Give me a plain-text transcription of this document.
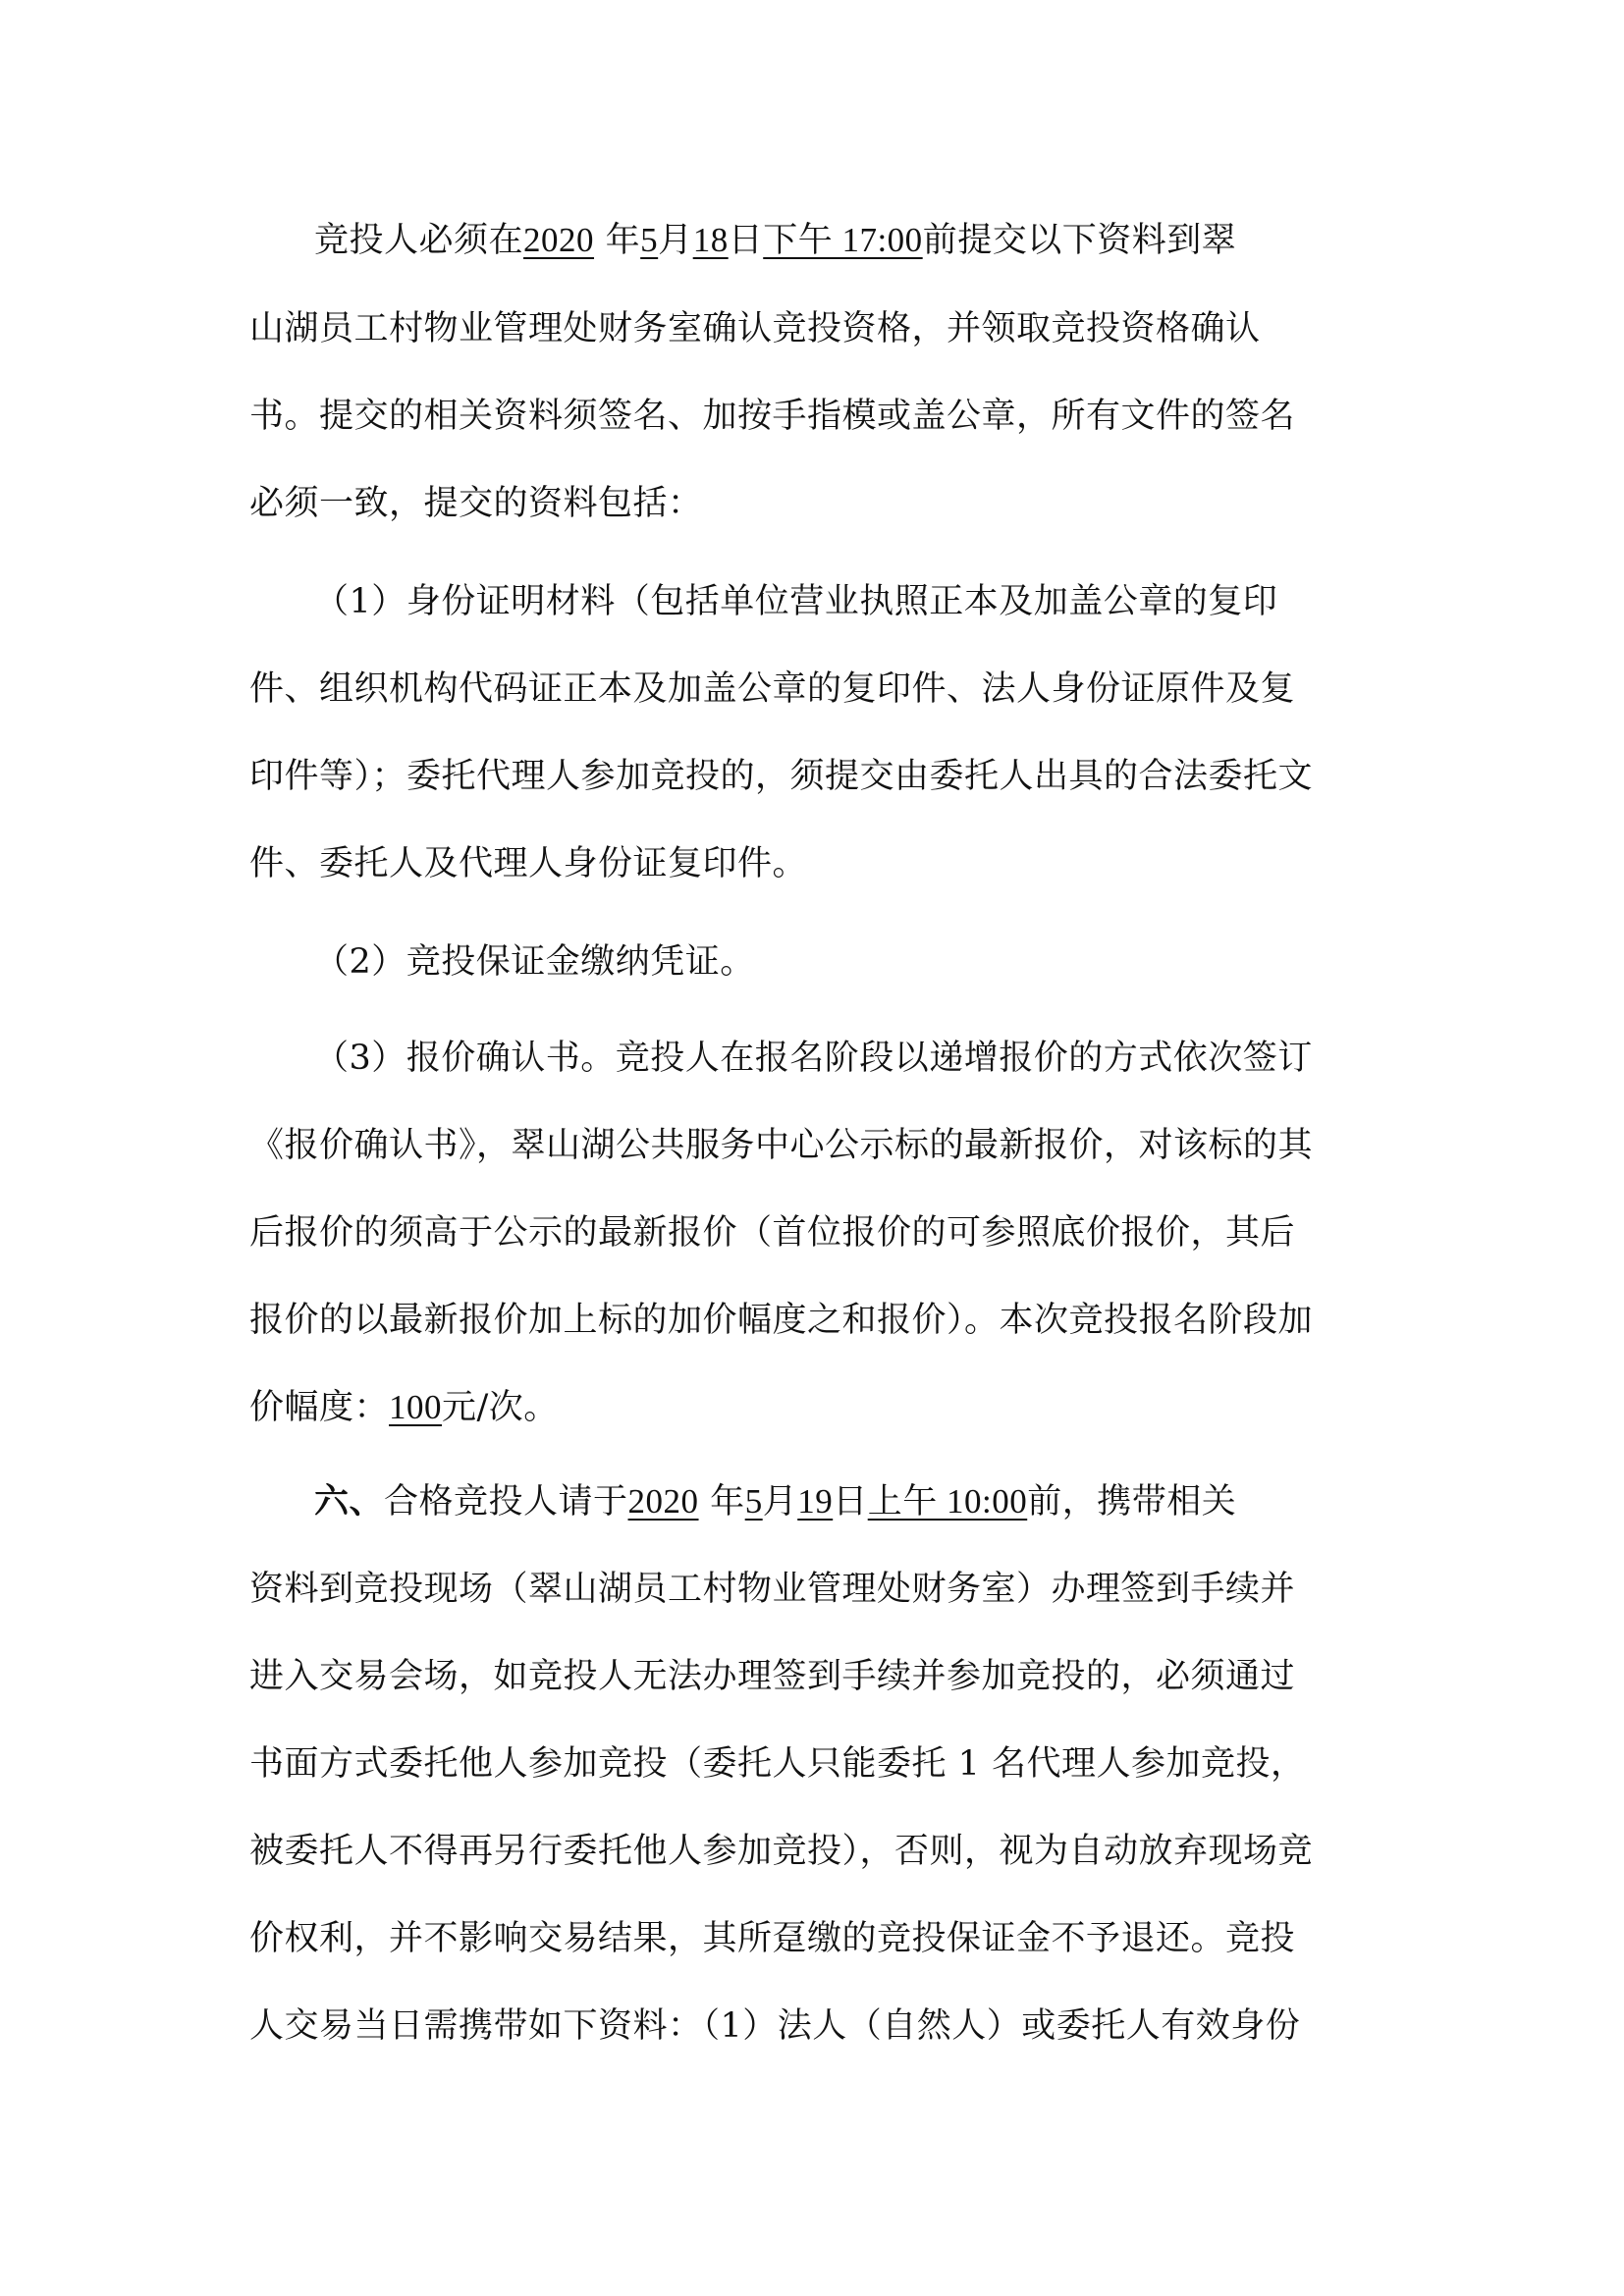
竞投人必须在2020 年5月18日下午 17:00前提交以下资料到翠
山湖员工村物业管理处财务室确认竞投资格，并领取竞投资格确认
书。提交的相关资料须签名、加按手指模或盖公章，所有文件的签名
必须一致，提交的资料包括：
（1）身份证明材料（包括单位营业执照正本及加盖公章的复印
件、组织机构代码证正本及加盖公章的复印件、法人身份证原件及复
印件等）；委托代理人参加竞投的，须提交由委托人出具的合法委托文
件、委托人及代理人身份证复印件。
（2）竞投保证金缴纳凭证。
（3）报价确认书。竞投人在报名阶段以递增报价的方式依次签订
《报价确认书》，翠山湖公共服务中心公示标的最新报价，对该标的其
后报价的须高于公示的最新报价（首位报价的可参照底价报价，其后
报价的以最新报价加上标的加价幅度之和报价）。本次竞投报名阶段加
价幅度：100元/次。
六、合格竞投人请于2020 年5月19日上午 10:00前，携带相关
资料到竞投现场（翠山湖员工村物业管理处财务室）办理签到手续并
进入交易会场，如竞投人无法办理签到手续并参加竞投的，必须通过
书面方式委托他人参加竞投（委托人只能委托 1 名代理人参加竞投，
被委托人不得再另行委托他人参加竞投），否则，视为自动放弃现场竞
价权利，并不影响交易结果，其所趸缴的竞投保证金不予退还。竞投
人交易当日需携带如下资料：（1）法人（自然人）或委托人有效身份
